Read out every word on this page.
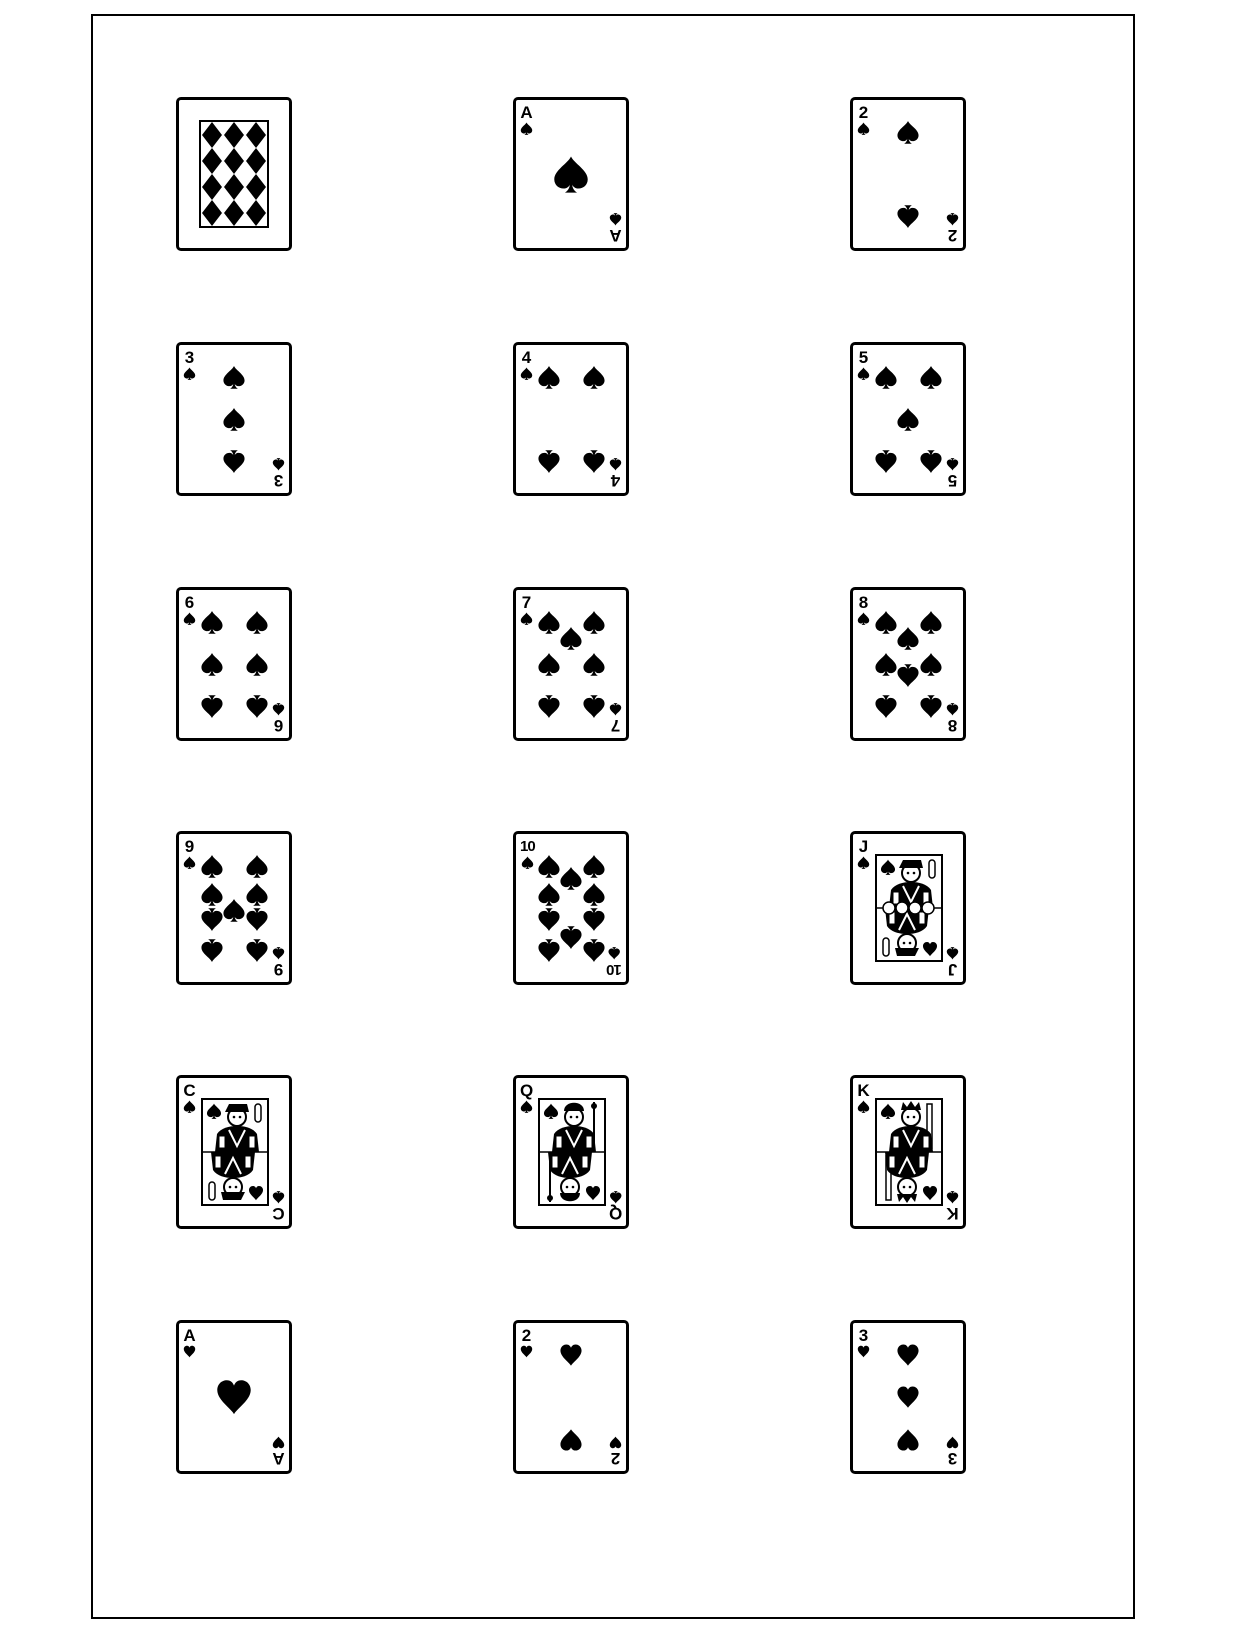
A
A
2
2
3
3
4
4
5
5
6
6
7
7
8
8
9
9
10
10
J
J
C
C
Q
Q
K
K
A
A
2
2
3
3
